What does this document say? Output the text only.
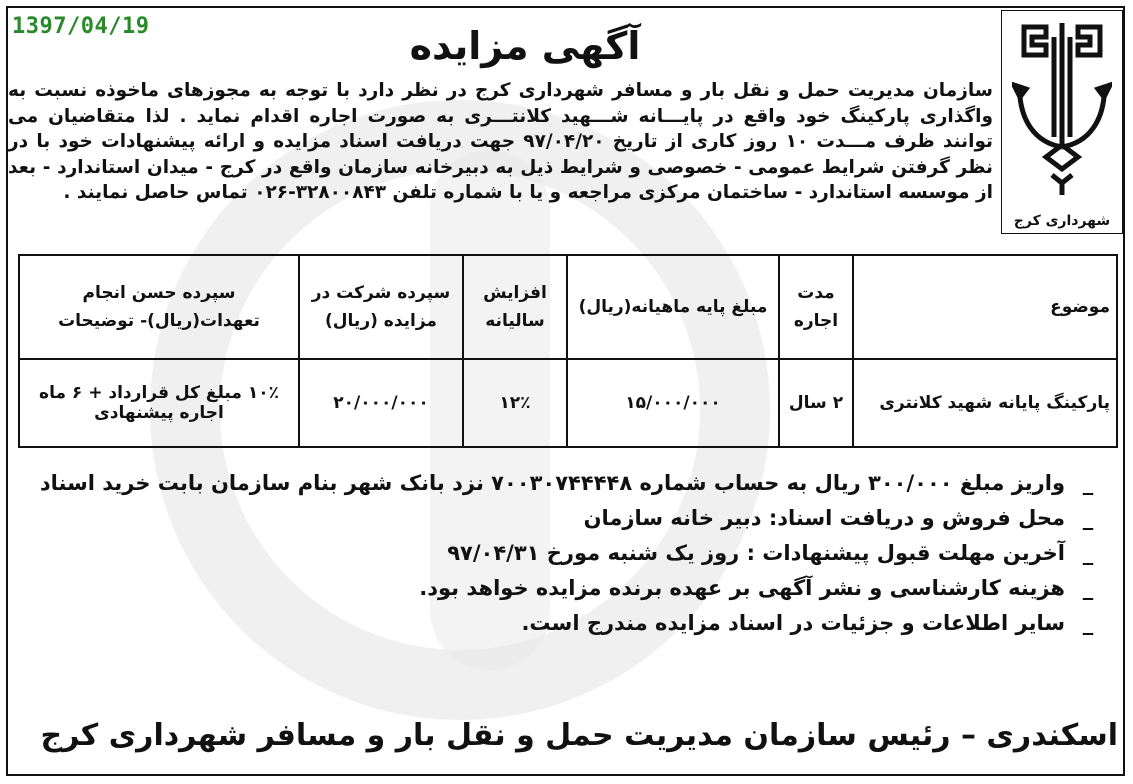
1397/04/19	آگهی مزایده
شهرداری کرج
سازمان مدیریت حمل و نقل بار و مسافر شهرداری کرج در نظر دارد با توجه به مجوزهای ماخوذه نسبت به واگذاری پارکینگ خود واقع در پایـــانه شـــهید کلانتـــری به صورت اجاره اقدام نماید . لذا متقاضیان می توانند ظرف مـــدت ۱۰ روز کاری از تاریخ ۹۷/۰۴/۲۰ جهت دریافت اسناد مزایده و ارائه پیشنهادات خود با در نظر گرفتن شرایط عمومی - خصوصی و شرایط ذیل به دبیرخانه سازمان واقع در کرج - میدان استاندارد - بعد از موسسه استاندارد - ساختمان مرکزی مراجعه و یا با شماره تلفن ۳۲۸۰۰۸۴۳-۰۲۶ تماس حاصل نمایند .
موضوع	مدت اجاره	مبلغ پایه ماهیانه(ریال)	افزایش سالیانه	سپرده شرکت در مزایده (ریال)	سپرده حسن انجام تعهدات(ریال)- توضیحات
پارکینگ پایانه شهید کلانتری	۲ سال	۱۵/۰۰۰/۰۰۰	۱۲٪	۲۰/۰۰۰/۰۰۰	۱۰٪ مبلغ کل قرارداد + ۶ ماه اجاره پیشنهادی
_واریز مبلغ ۳۰۰/۰۰۰ ریال به حساب شماره ۷۰۰۳۰۷۴۴۴۴۸ نزد بانک شهر بنام سازمان بابت خرید اسناد
_محل فروش و دریافت اسناد: دبیر خانه سازمان
_آخرین مهلت قبول پیشنهادات : روز یک شنبه مورخ ۹۷/۰۴/۳۱
_هزینه کارشناسی و نشر آگهی بر عهده برنده مزایده خواهد بود.
_سایر اطلاعات و جزئیات در اسناد مزایده مندرج است.
اسکندری – رئیس سازمان مدیریت حمل و نقل بار و مسافر شهرداری کرج
